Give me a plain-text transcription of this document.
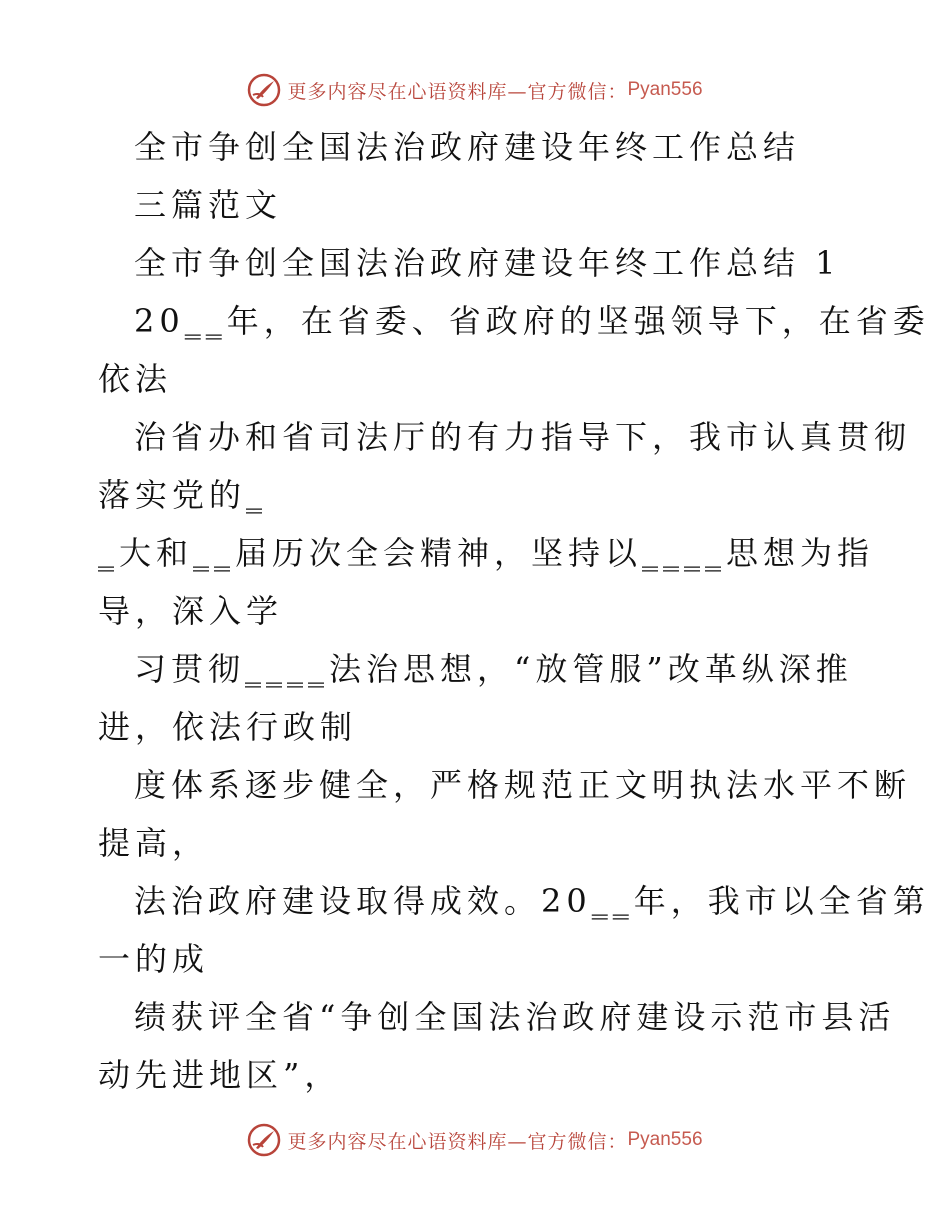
更多内容尽在心语资料库—官方微信： Pyan556
全市争创全国法治政府建设年终工作总结
三篇范文
全市争创全国法治政府建设年终工作总结 1
20‗‗年，在省委、省政府的坚强领导下，在省委
依法
治省办和省司法厅的有力指导下，我市认真贯彻
落实党的‗
‗大和‗‗届历次全会精神，坚持以‗‗‗‗思想为指
导，深入学
习贯彻‗‗‗‗法治思想，“放管服”改革纵深推
进，依法行政制
度体系逐步健全，严格规范正文明执法水平不断
提高，
法治政府建设取得成效。20‗‗年，我市以全省第
一的成
绩获评全省“争创全国法治政府建设示范市县活
动先进地区”，
更多内容尽在心语资料库—官方微信： Pyan556
